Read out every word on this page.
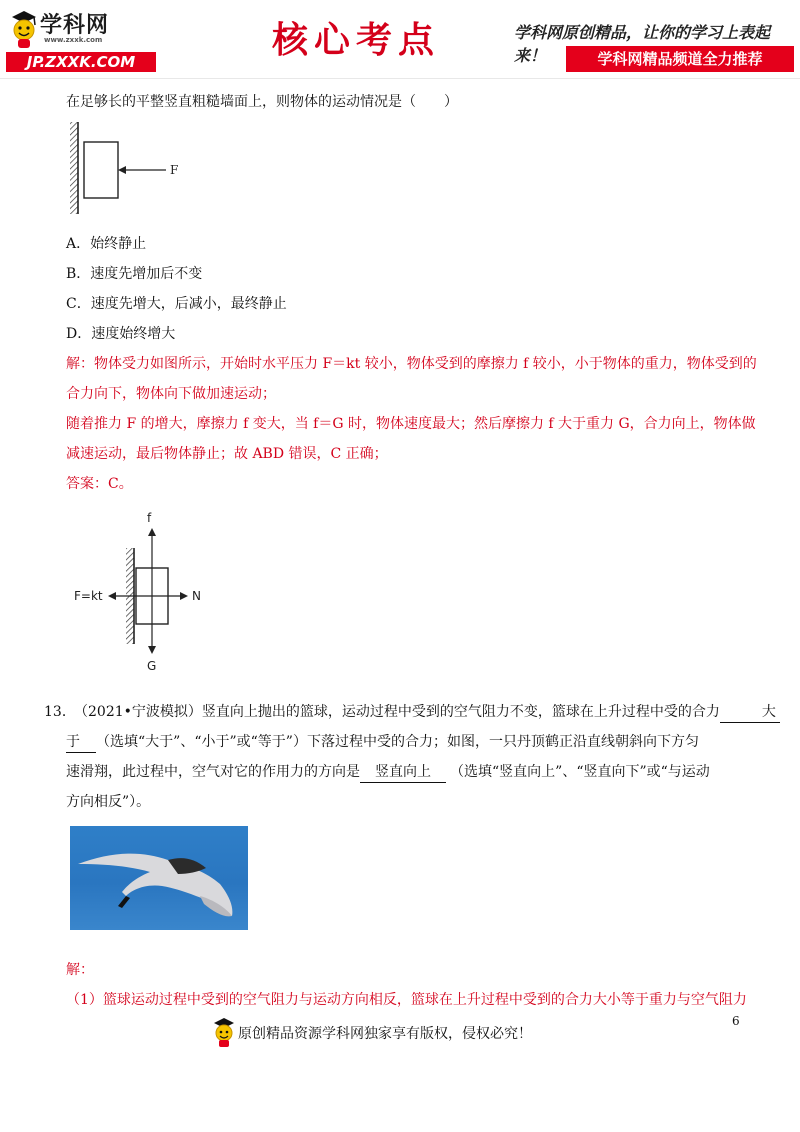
学科网
www.zxxk.com
JP.ZXXK.COM
核心考点	学科网原创精品，让你的学习上表起来！	学科网精品频道全力推荐
在足够长的平整竖直粗糙墙面上，则物体的运动情况是（　　）
F
A．始终静止
B．速度先增加后不变
C．速度先增大，后减小，最终静止
D．速度始终增大
解：物体受力如图所示，开始时水平压力 F＝kt 较小，物体受到的摩擦力 f 较小，小于物体的重力，物体受到的
合力向下，物体向下做加速运动；
随着推力 F 的增大，摩擦力 f 变大，当 f＝G 时，物体速度最大；然后摩擦力 f 大于重力 G，合力向上，物体做
减速运动，最后物体静止；故 ABD 错误，C 正确；
答案：C。
f
G
F=kt	N
13．
（2021•宁波模拟）竖直向上抛出的篮球，运动过程中受到的空气阻力不变，篮球在上升过程中受的合力	大
于 （选填“大于”、“小于”或“等于”）下落过程中受的合力；如图，一只丹顶鹤正沿直线朝斜向下方匀
速滑翔，此过程中，空气对它的作用力的方向是 竖直向上 （选填“竖直向上”、“竖直向下”或“与运动
方向相反”）。
解：
（1）篮球运动过程中受到的空气阻力与运动方向相反，篮球在上升过程中受到的合力大小等于重力与空气阻力
原创精品资源学科网独家享有版权，侵权必究！
6
